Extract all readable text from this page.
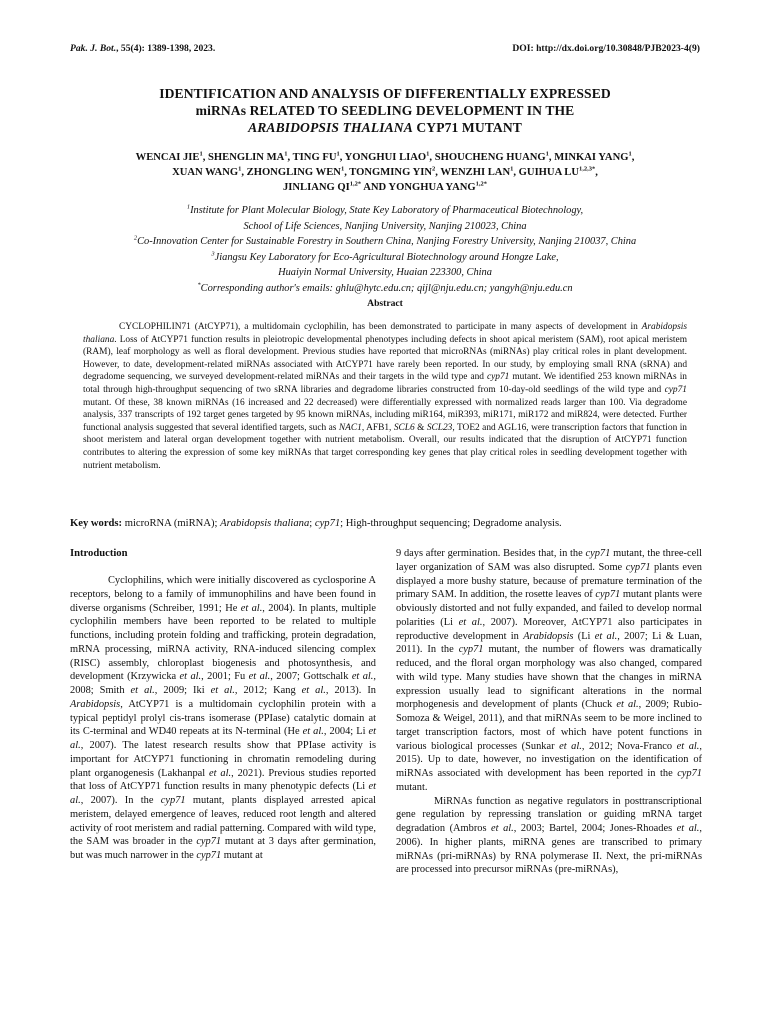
Pak. J. Bot., 55(4): 1389-1398, 2023.	DOI: http://dx.doi.org/10.30848/PJB2023-4(9)
IDENTIFICATION AND ANALYSIS OF DIFFERENTIALLY EXPRESSED
miRNAs RELATED TO SEEDLING DEVELOPMENT IN THE
ARABIDOPSIS THALIANA CYP71 MUTANT
WENCAI JIE$^1$, SHENGLIN $MA^1$, TING $FU^1$, YONGHUI LIAO$^1$, SHOUCHENG HUANG$^1$, MINKAI YANG$^1$,
XUAN WANG$^1$, ZHONGLING WEN$^1$, TONGMING YIN$^2$, WENZHI LAN$^1$, GUIHUA $LU^{1,2,3*}$,
JINLIANG $QI^{1,2*}$ AND YONGHUA $YANG^{1,2*}$
$^1$Institute for Plant Molecular Biology, State Key Laboratory of Pharmaceutical Biotechnology,
School of Life Sciences, Nanjing University, Nanjing 210023, China
$^2$Co-Innovation Center for Sustainable Forestry in Southern China, Nanjing Forestry University, Nanjing 210037, China
$^3$Jiangsu Key Laboratory for Eco-Agricultural Biotechnology around Hongze Lake,
Huaiyin Normal University, Huaian 223300, China
*Corresponding author's emails: ghlu@hytc.edu.cn; qijl@nju.edu.cn; yangyh@nju.edu.cn
Abstract
CYCLOPHILIN71 (AtCYP71), a multidomain cyclophilin, has been demonstrated to participate in many aspects of development in Arabidopsis thaliana. Loss of AtCYP71 function results in pleiotropic developmental phenotypes including defects in shoot apical meristem (SAM), root apical meristem (RAM), leaf morphology as well as floral development. Previous studies have reported that microRNAs (miRNAs) play critical roles in plant development. However, to date, development-related miRNAs associated with AtCYP71 have rarely been reported. In our study, by employing small RNA (sRNA) and degradome sequencing, we surveyed development-related miRNAs and their targets in the wild type and cyp71 mutant. We identified 253 known miRNAs in total through high-throughput sequencing of two sRNA libraries and degradome libraries constructed from 10-day-old seedlings of the wild type and cyp71 mutant. Of these, 38 known miRNAs (16 increased and 22 decreased) were differentially expressed with normalized reads larger than 100. Via degradome analysis, 337 transcripts of 192 target genes targeted by 95 known miRNAs, including miR164, miR393, miR171, miR172 and miR824, were detected. Further functional analysis suggested that several identified targets, such as NAC1, AFB1, SCL6 & SCL23, TOE2 and AGL16, were transcription factors that function in shoot meristem and lateral organ development together with nutrient metabolism. Overall, our results indicated that the disruption of AtCYP71 function contributes to altering the expression of some key miRNAs that target corresponding key genes that play critical roles in seedling development together with nutrient metabolism.
Key words: microRNA (miRNA); Arabidopsis thaliana; cyp71; High-throughput sequencing; Degradome analysis.
Introduction

Cyclophilins, which were initially discovered as cyclosporine A receptors, belong to a family of immunophilins and have been found in diverse organisms (Schreiber, 1991; He et al., 2004). In plants, multiple cyclophilin members have been reported to be related to multiple functions, including protein folding and trafficking, protein degradation, mRNA processing, miRNA activity, RNA-induced silencing complex (RISC) assembly, chloroplast biogenesis and photosynthesis, and development (Krzywicka et al., 2001; Fu et al., 2007; Gottschalk et al., 2008; Smith et al., 2009; Iki et al., 2012; Kang et al., 2013). In Arabidopsis, AtCYP71 is a multidomain cyclophilin protein with a typical peptidyl prolyl cis-trans isomerase (PPIase) catalytic domain at its C-terminal and WD40 repeats at its N-terminal (He et al., 2004; Li et al., 2007). The latest research results show that PPIase activity is important for AtCYP71 functioning in chromatin remodeling during plant organogenesis (Lakhanpal et al., 2021). Previous studies reported that loss of AtCYP71 function results in many phenotypic defects (Li et al., 2007). In the cyp71 mutant, plants displayed arrested apical meristem, delayed emergence of leaves, reduced root length and altered activity of root meristem and radial patterning. Compared with wild type, the SAM was broader in the cyp71 mutant at 3 days after germination, but was much narrower in the cyp71 mutant at

9 days after germination. Besides that, in the cyp71 mutant, the three-cell layer organization of SAM was also disrupted. Some cyp71 plants even displayed a more bushy stature, because of premature termination of the primary SAM. In addition, the rosette leaves of cyp71 mutant plants were obviously distorted and not fully expanded, and failed to develop normal polarities (Li et al., 2007). Moreover, AtCYP71 also participates in reproductive development in Arabidopsis (Li et al., 2007; Li & Luan, 2011). In the cyp71 mutant, the number of flowers was dramatically reduced, and the floral organ morphology was also changed, compared with wild type. Many studies have shown that the changes in miRNA expression usually lead to significant alterations in the normal morphogenesis and development of plants (Chuck et al., 2009; Rubio-Somoza & Weigel, 2011), and that miRNAs seem to be more inclined to target transcription factors, most of which have potent functions in various biological processes (Sunkar et al., 2012; Nova-Franco et al., 2015). Up to date, however, no investigation on the identification of miRNAs associated with development has been reported in the cyp71 mutant.

MiRNAs function as negative regulators in posttranscriptional gene regulation by repressing translation or guiding mRNA target degradation (Ambros et al., 2003; Bartel, 2004; Jones-Rhoades et al., 2006). In higher plants, miRNA genes are transcribed to primary miRNAs (pri-miRNAs) by RNA polymerase II. Next, the pri-miRNAs are processed into precursor miRNAs (pre-miRNAs),
